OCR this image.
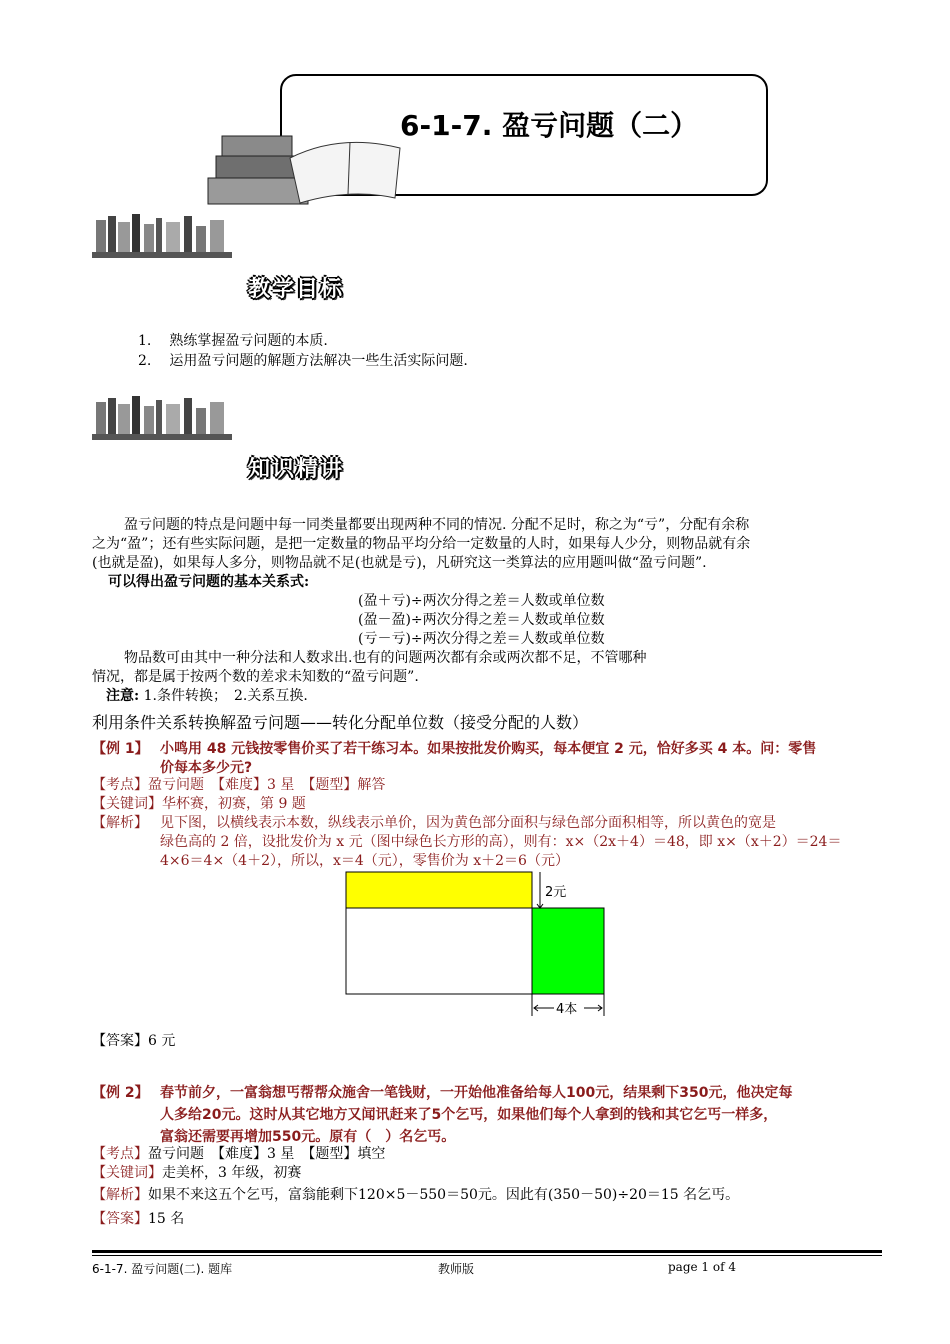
6-1-7. 盈亏问题（二）
教学目标
1. 熟练掌握盈亏问题的本质.
2. 运用盈亏问题的解题方法解决一些生活实际问题.
知识精讲
盈亏问题的特点是问题中每一同类量都要出现两种不同的情况. 分配不足时，称之为“亏”，分配有余称
之为“盈”；还有些实际问题，是把一定数量的物品平均分给一定数量的人时，如果每人少分，则物品就有余
(也就是盈)，如果每人多分，则物品就不足(也就是亏)，凡研究这一类算法的应用题叫做“盈亏问题”.
可以得出盈亏问题的基本关系式:
(盈＋亏)÷两次分得之差＝人数或单位数
(盈－盈)÷两次分得之差＝人数或单位数
(亏－亏)÷两次分得之差＝人数或单位数
物品数可由其中一种分法和人数求出.也有的问题两次都有余或两次都不足，不管哪种
情况，都是属于按两个数的差求未知数的“盈亏问题”.
注意: 1.条件转换；　2.关系互换.
利用条件关系转换解盈亏问题——转化分配单位数（接受分配的人数）
【例 1】 小鸣用 48 元钱按零售价买了若干练习本。如果按批发价购买，每本便宜 2 元，恰好多买 4 本。问：零售
价每本多少元?
【考点】盈亏问题　【难度】3 星　【题型】解答
【关键词】华杯赛，初赛，第 9 题
【解析】 见下图，以横线表示本数，纵线表示单价，因为黄色部分面积与绿色部分面积相等，所以黄色的宽是
绿色高的 2 倍，设批发价为 x 元（图中绿色长方形的高），则有：x×（2x＋4）＝48，即 x×（x＋2）＝24＝
4×6＝4×（4＋2），所以，x＝4（元），零售价为 x＋2＝6（元）
2元
4本
【答案】6 元
【例 2】 春节前夕，一富翁想丐帮帮众施舍一笔钱财，一开始他准备给每人100元，结果剩下350元，他决定每
人多给20元。这时从其它地方又闻讯赶来了5个乞丐，如果他们每个人拿到的钱和其它乞丐一样多，
富翁还需要再增加550元。原有（　）名乞丐。
【考点】盈亏问题　【难度】3 星　【题型】填空
【关键词】走美杯，3 年级，初赛
【解析】如果不来这五个乞丐，富翁能剩下120×5－550＝50元。因此有(350－50)÷20＝15 名乞丐。
【答案】15 名
6-1-7. 盈亏问题(二). 题库	教师版	page 1 of 4
